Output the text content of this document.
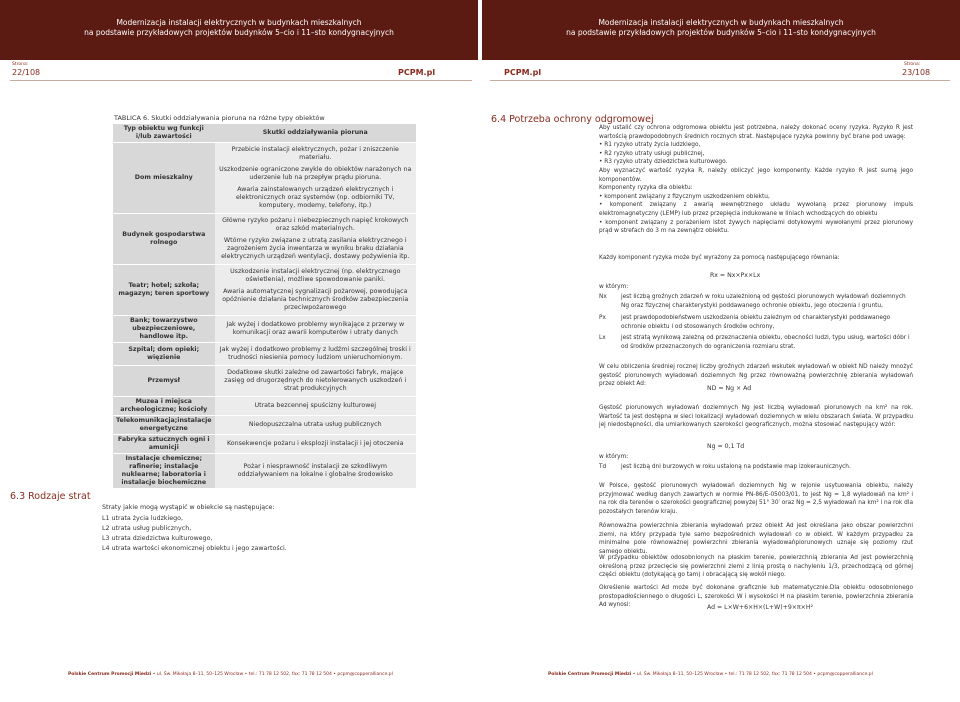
Modernizacja instalacji elektrycznych w budynkach mieszkalnych
na podstawie przykładowych projektów budynków 5–cio i 11–sto kondygnacyjnych
Modernizacja instalacji elektrycznych w budynkach mieszkalnych
na podstawie przykładowych projektów budynków 5–cio i 11–sto kondygnacyjnych
Strona:
22/108	PCPM.pl	PCPM.pl
Strona:
23/108
TABLICA 6. Skutki oddziaływania pioruna na różne typy obiektów
Typ obiektu wg funkcji i/lub zawartości	Skutki oddziaływania pioruna
Dom mieszkalny	Przebicie instalacji elektrycznych, pożar i zniszczenie materiału.
Uszkodzenie ograniczone zwykle do obiektów narażonych na uderzenie lub na przepływ prądu pioruna.
Awaria zainstalowanych urządzeń elektrycznych i elektronicznych oraz systemów (np. odbiorniki TV, komputery, modemy, telefony, itp.)

Budynek gospodarstwa rolnego	Główne ryzyko pożaru i niebezpiecznych napięć krokowych oraz szkód materialnych.
Wtórne ryzyko związane z utratą zasilania elektrycznego i zagrożeniem życia inwentarza w wyniku braku działania elektrycznych urządzeń wentylacji, dostawy pożywienia itp.

Teatr; hotel; szkoła; magazyn; teren sportowy	Uszkodzenie instalacji elektrycznej (np. elektrycznego oświetlenia), możliwe spowodowanie paniki.
Awaria automatycznej sygnalizacji pożarowej, powodująca opóźnienie działania technicznych środków zabezpieczenia przeciwpożarowego

Bank; towarzystwo ubezpieczeniowe, handlowe itp.	Jak wyżej i dodatkowo problemy wynikające z przerwy w komunikacji oraz awarii komputerów i utraty danych

Szpital; dom opieki; więzienie	Jak wyżej i dodatkowo problemy z ludźmi szczególnej troski i trudności niesienia pomocy ludziom unieruchomionym.

Przemysł	Dodatkowe skutki zależne od zawartości fabryk, mające zasięg od drugorzędnych do nietolerowanych uszkodzeń i strat produkcyjnych

Muzea i miejsca archeologiczne; kościoły	Utrata bezcennej spuścizny kulturowej

Telekomunikacja;instalacje energetyczne	Niedopuszczalna utrata usług publicznych

Fabryka sztucznych ogni i amunicji	Konsekwencje pożaru i eksplozji instalacji i jej otoczenia

Instalacje chemiczne; rafinerie; instalacje nuklearne; laboratoria i instalacje biochemiczne	Pożar i niesprawność instalacji ze szkodliwym oddziaływaniem na lokalne i globalne środowisko
6.3 Rodzaje strat
Straty jakie mogą wystąpić w obiekcie są następujące:
L1 utrata życia ludzkiego,
L2 utrata usług publicznych,
L3 utrata dziedzictwa kulturowego,
L4 utrata wartości ekonomicznej obiektu i jego zawartości.
6.4 Potrzeba ochrony odgromowej

Aby ustalić czy ochrona odgromowa obiektu jest potrzebna, należy dokonać oceny ryzyka. Ryzyko R jest wartością prawdopodobnych średnich rocznych strat. Następujące ryzyka powinny być brane pod uwagę:

• R1 ryzyko utraty życia ludzkiego,

• R2 ryzyko utraty usługi publicznej,

• R3 ryzyko utraty dziedzictwa kulturowego.

Aby wyznaczyć wartość ryzyka R, należy obliczyć jego komponenty. Każde ryzyko R jest sumą jego komponentów.

Komponenty ryzyka dla obiektu:

• komponent związany z fizycznym uszkodzeniem obiektu,

• komponent związany z awarią wewnętrznego układu wywołaną przez piorunowy impuls elektromagnetyczny (LEMP) lub przez przepięcia indukowane w liniach wchodzących do obiektu

• komponent związany z porażeniem istot żywych napięciami dotykowymi wywołanymi przez piorunowy prąd w strefach do 3 m na zewnątrz obiektu.

Każdy komponent ryzyka może być wyrażony za pomocą następującego równania:
Rx = Nx×Px×Lx
w którym:
Nx jest liczbą groźnych zdarzeń w roku uzależnioną od gęstości piorunowych wyładowań doziemnych Ng oraz fizycznej charakterystyki poddawanego ochronie obiektu, jego otoczenia i gruntu,
Px	jest prawdopodobieństwem uszkodzenia obiektu zależnym od charakterystyki poddawanego ochronie obiektu i od stosowanych środków ochrony,
Lx	jest stratą wynikową zależną od przeznaczenia obiektu, obecności ludzi, typu usług, wartości dóbr i od środków przeznaczonych do ograniczenia rozmiaru strat.
W celu obliczenia średniej rocznej liczby groźnych zdarzeń wskutek wyładowań w obiekt ND należy mnożyć gęstość piorunowych wyładowań doziemnych Ng przez równoważną powierzchnię zbierania wyładowań przez obiekt Ad:
ND = Ng × Ad
Gęstość piorunowych wyładowań doziemnych Ng jest liczbą wyładowań piorunowych na km² na rok. Wartość ta jest dostępna w sieci lokalizacji wyładowań doziemnych w wielu obszarach świata. W przypadku jej niedostępności, dla umiarkowanych szerokości geograficznych, można stosować następujący wzór:
Ng = 0,1 Td
w którym:
Td	jest liczbą dni burzowych w roku ustaloną na podstawie map izokeraunicznych.
W Polsce, gęstość piorunowych wyładowań doziemnych Ng w rejonie usytuowania obiektu, należy przyjmować według danych zawartych w normie PN-86/E-05003/01, to jest Ng = 1,8 wyładowań na km² i na rok dla terenów o szerokości geograficznej powyżej 51° 30′ oraz Ng = 2,5 wyładowań na km² i na rok dla pozostałych terenów kraju.
Równoważna powierzchnia zbierania wyładowań przez obiekt Ad jest określana jako obszar powierzchni ziemi, na który przypada tyle samo bezpośrednich wyładowań co w obiekt. W każdym przypadku za minimalne pole równoważnej powierzchni zbierania wyładowańpiorunowych uznaje się poziomy rzut samego obiektu.
W przypadku obiektów odosobnionych na płaskim terenie, powierzchnią zbierania Ad jest powierzchnią określoną przez przecięcie się powierzchni ziemi z linią prostą o nachyleniu 1/3, przechodzącą od górnej części obiektu (dotykającą go tam) i obracającą się wokół niego.
Określenie wartości Ad może być dokonane graficznie lub matematycznie.Dla obiektu odosobnionego prostopadłościennego o długości L, szerokości W i wysokości H na płaskim terenie, powierzchnia zbierania Ad wynosi:	Ad = L×W+6×H×(L+W)+9×π×H²
Polskie Centrum Promocji Miedzi • ul. Św. Mikołaja 8–11, 50–125 Wrocław • tel.: 71 78 12 502, fax: 71 78 12 504 • pcpm@copperalliance.pl	Polskie Centrum Promocji Miedzi • ul. Św. Mikołaja 8–11, 50–125 Wrocław • tel.: 71 78 12 502, fax: 71 78 12 504 • pcpm@copperalliance.pl
